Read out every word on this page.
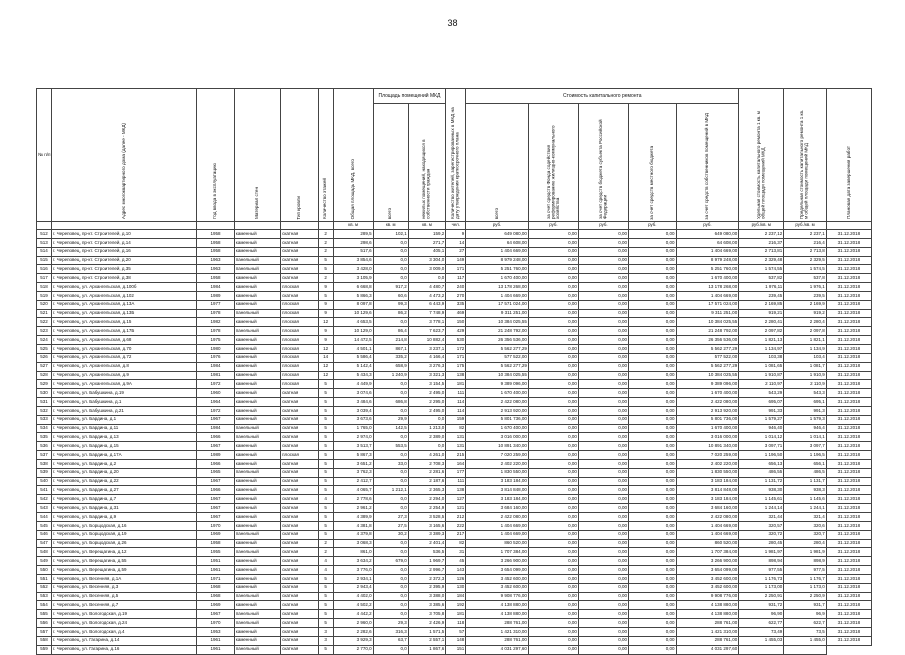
38
№ п/п	Адрес многоквартирного дома (далее - МКД)	Год ввода в эксплуатацию	Материал стен	Тип кровли	Количество этажей	Общая площадь МКД, всего	Площадь помещений МКД		Количество жителей, зарегистрированных в МКД на дату утверждения краткосрочного плана	Стоимость капитального ремонта					Удельная стоимость капитального ремонта 1 кв. м общей площади помещений МКД	Предельная стоимость капитального ремонта 1 кв. м общей площади помещений МКД	Плановая дата завершения работ
							всего	нежилых помещений, находящихся в собственности граждан		всего	за счет средств Фонда содействия реформированию жилищно-коммунального хозяйства	за счет средств бюджета субъекта Российской Федерации	за счет средств местного бюджета	за счет средств собственников помещений в МКД			
						кв. м	кв. м	кв. м	чел.	руб.	руб.	руб.	руб.	руб.	руб./кв. м	руб./кв. м	
512	г. Череповец, пр-кт. Строителей, д.10	1958	каменный	скатная	2	289,5	102,1	159,2	9	649 080,00	0,00	0,00	0,00	649 080,00	2 237,12	2 237,1	31.12.2018
513	г. Череповец, пр-кт. Строителей, д.14	1958	каменный	скатная	2	298,6	0,0	271,7	14	64 608,00	0,00	0,00	0,00	64 608,00	216,37	216,4	31.12.2018
514	г. Череповец, пр-кт. Строителей, д.16	1958	каменный	скатная	2	517,6	0,0	405,1	27	1 404 669,00	0,00	0,00	0,00	1 404 669,00	2 713,81	2 713,8	31.12.2018
515	г. Череповец, пр-кт. Строителей, д.20	1963	панельный	скатная	5	3 854,6	0,0	3 304,0	149	8 979 248,00	0,00	0,00	0,00	8 979 248,00	2 329,48	2 329,5	31.12.2018
516	г. Череповец, пр-кт. Строителей, д.35	1963	панельный	скатная	5	3 428,0	0,0	3 009,0	171	5 251 760,00	0,00	0,00	0,00	5 251 760,00	1 574,55	1 574,5	31.12.2018
517	г. Череповец, пр-кт. Строителей, д.38	1958	каменный	скатная	2	3 105,9	0,0	0,0	117	1 670 400,00	0,00	0,00	0,00	1 670 400,00	537,82	537,8	31.12.2018
518	г. Череповец, ул. Архангельская, д.100б	1984	каменный	плоская	9	6 668,8	917,2	4 480,7	240	13 178 268,00	0,00	0,00	0,00	13 178 268,00	1 976,11	1 976,1	31.12.2018
519	г. Череповец, ул. Архангельская, д.102	1989	каменный	скатная	5	5 866,3	60,6	4 473,2	270	1 404 669,00	0,00	0,00	0,00	1 404 669,00	239,45	239,5	31.12.2018
520	г. Череповец, ул. Архангельская, д.13А	1977	каменный	плоская	9	8 097,8	99,3	6 443,9	335	17 571 024,00	0,00	0,00	0,00	17 571 024,00	2 169,85	2 169,9	31.12.2018
521	г. Череповец, ул. Архангельская, д.13Б	1978	панельный	плоская	9	10 129,6	86,2	7 748,9	469	9 311 251,00	0,00	0,00	0,00	9 311 251,00	919,21	919,2	31.12.2018
522	г. Череповец, ул. Архангельская, д.15	1982	каменный	плоская	12	4 653,5	0,0	3 778,1	150	10 384 025,55	0,00	0,00	0,00	10 384 025,55	2 280,41	2 280,4	31.12.2018
523	г. Череповец, ул. Архангельская, д.17Б	1978	панельный	плоская	9	10 129,0	86,4	7 623,7	429	21 248 792,00	0,00	0,00	0,00	21 248 792,00	2 097,82	2 097,8	31.12.2018
524	г. Череповец, ул. Архангельская, д.68	1975	каменный	плоская	9	14 472,5	214,8	10 882,4	530	26 356 536,00	0,00	0,00	0,00	26 356 536,00	1 821,13	1 821,1	31.12.2018
525	г. Череповец, ул. Архангельская, д.70	1980	каменный	плоская	12	4 501,1	867,1	3 237,1	172	5 562 277,29	0,00	0,00	0,00	5 562 277,29	1 134,97	1 134,9	31.12.2018
526	г. Череповец, ул. Архангельская, д.72	1976	каменный	плоская	14	5 586,4	335,2	4 166,4	171	577 522,00	0,00	0,00	0,00	577 522,00	103,38	103,4	31.12.2018
527	г. Череповец, ул. Архангельская, д.8	1984	каменный	плоская	12	5 142,4	658,9	3 276,3	175	5 562 277,29	0,00	0,00	0,00	5 562 277,29	1 081,65	1 081,7	31.12.2018
528	г. Череповец, ул. Архангельская, д.9	1981	каменный	плоская	12	5 434,3	1 240,9	3 321,3	138	10 384 025,55	0,00	0,00	0,00	10 384 025,55	1 910,87	1 910,9	31.12.2018
529	г. Череповец, ул. Архангельская, д.9А	1972	каменный	плоская	5	4 449,9	0,0	3 154,5	181	9 389 096,00	0,00	0,00	0,00	9 389 096,00	2 110,97	2 110,9	31.12.2018
530	г. Череповец, ул. Бабушкина, д.19	1960	каменный	скатная	5	3 074,6	0,0	2 495,0	111	1 670 400,00	0,00	0,00	0,00	1 670 400,00	543,29	543,3	31.12.2018
531	г. Череповец, ул. Бабушкина, д.1	1964	каменный	скатная	5	3 484,6	686,8	2 295,0	114	2 422 080,00	0,00	0,00	0,00	2 422 080,00	695,07	695,1	31.12.2018
532	г. Череповец, ул. Бабушкина, д.21	1972	каменный	скатная	5	3 039,4	0,0	2 495,0	114	2 913 920,00	0,00	0,00	0,00	2 913 920,00	991,33	991,3	31.12.2018
533	г. Череповец, ул. Бардина, д.1	1967	каменный	скатная	5	3 673,6	29,9	0,0	159	5 801 736,00	0,00	0,00	0,00	5 801 736,00	1 579,27	1 579,3	31.12.2018
534	г. Череповец, ул. Бардина, д.11	1984	панельный	скатная	5	1 765,0	142,5	1 213,0	82	1 670 400,00	0,00	0,00	0,00	1 670 400,00	946,40	946,4	31.12.2018
535	г. Череповец, ул. Бардина, д.13	1966	панельный	скатная	5	2 974,0	0,0	2 389,0	131	3 016 000,00	0,00	0,00	0,00	3 016 000,00	1 014,12	1 014,1	31.12.2018
536	г. Череповец, ул. Бардина, д.15	1967	каменный	скатная	5	3 513,7	553,5	0,0	131	10 891 340,00	0,00	0,00	0,00	10 891 340,00	3 097,71	3 097,7	31.12.2018
537	г. Череповец, ул. Бардина, д.17А	1989	каменный	плоская	5	5 867,3	0,0	4 261,0	215	7 020 259,00	0,00	0,00	0,00	7 020 259,00	1 196,50	1 196,5	31.12.2018
538	г. Череповец, ул. Бардина, д.2	1966	каменный	скатная	5	3 651,2	33,0	2 708,3	164	2 402 220,00	0,00	0,00	0,00	2 402 220,00	656,13	656,1	31.12.2018
539	г. Череповец, ул. Бардина, д.20	1965	панельный	скатная	5	3 762,3	0,0	2 281,6	177	1 830 550,00	0,00	0,00	0,00	1 830 550,00	486,55	486,5	31.12.2018
540	г. Череповец, ул. Бардина, д.22	1967	каменный	скатная	5	2 412,7	0,0	2 187,6	111	3 183 184,00	0,00	0,00	0,00	3 183 184,00	1 131,72	1 131,7	31.12.2018
541	г. Череповец, ул. Бардина, д.27	1966	каменный	скатная	5	4 065,7	1 212,1	2 365,3	138	3 814 848,00	0,00	0,00	0,00	3 814 848,00	938,30	938,3	31.12.2018
542	г. Череповец, ул. Бардина, д.7	1967	каменный	скатная	4	2 778,6	0,0	2 294,0	127	3 183 184,00	0,00	0,00	0,00	3 183 184,00	1 145,61	1 145,6	31.12.2018
543	г. Череповец, ул. Бардина, д.31	1967	каменный	скатная	5	2 961,2	0,0	2 254,9	121	3 684 160,00	0,00	0,00	0,00	3 684 160,00	1 244,14	1 244,1	31.12.2018
544	г. Череповец, ул. Бардина, д.9	1967	каменный	скатная	5	4 389,9	27,3	3 528,5	212	2 422 080,00	0,00	0,00	0,00	2 422 080,00	321,44	321,4	31.12.2018
545	г. Череповец, ул. Борщодская, д.16	1970	каменный	скатная	5	4 381,8	27,5	3 165,6	222	1 404 669,00	0,00	0,00	0,00	1 404 669,00	320,57	320,6	31.12.2018
546	г. Череповец, ул. Борщодская, д.19	1969	панельный	скатная	5	4 379,8	30,2	3 389,3	217	1 404 669,00	0,00	0,00	0,00	1 404 669,00	320,72	320,7	31.12.2018
547	г. Череповец, ул. Борщодская, д.26	1958	каменный	скатная	2	3 068,3	0,0	2 401,4	82	860 520,00	0,00	0,00	0,00	860 520,00	280,45	280,4	31.12.2018
548	г. Череповец, ул. Верещагина, д.12	1955	панельный	скатная	2	861,0	0,0	536,5	31	1 707 384,00	0,00	0,00	0,00	1 707 384,00	1 981,97	1 981,9	31.12.2018
549	г. Череповец, ул. Верещагина, д.55	1951	каменный	скатная	4	3 634,2	679,0	1 969,7	45	3 266 900,00	0,00	0,00	0,00	3 266 900,00	898,94	898,9	31.12.2018
550	г. Череповец, ул. Верещагина, д.59	1961	каменный	скатная	4	3 776,0	0,0	2 996,7	143	3 654 099,00	0,00	0,00	0,00	3 654 099,00	977,55	977,5	31.12.2018
551	г. Череповец, ул. Весенняя, д.1А	1971	каменный	скатная	5	2 934,1	0,0	2 372,3	126	3 452 600,00	0,00	0,00	0,00	3 452 600,00	1 176,73	1 176,7	31.12.2018
552	г. Череповец, ул. Весенняя, д.3	1968	каменный	скатная	5	2 943,4	0,0	2 395,9	130	3 452 600,00	0,00	0,00	0,00	3 452 600,00	1 173,00	1 173,0	31.12.2018
553	г. Череповец, ул. Весенняя, д.5	1968	панельный	скатная	5	4 402,0	0,0	3 388,0	184	9 908 776,00	0,00	0,00	0,00	9 908 776,00	2 250,91	2 250,9	31.12.2018
554	г. Череповец, ул. Весенняя, д.7	1969	каменный	скатная	5	4 502,2	0,0	3 385,6	192	4 138 880,00	0,00	0,00	0,00	4 138 880,00	931,72	931,7	31.12.2018
555	г. Череповец, ул. Вологодская, д.19	1967	панельный	скатная	5	4 442,2	0,0	3 705,8	181	4 138 880,00	0,00	0,00	0,00	4 138 880,00	96,90	96,9	31.12.2018
556	г. Череповец, ул. Вологодская, д.24	1970	панельный	скатная	5	2 960,0	29,3	2 426,9	118	288 761,00	0,00	0,00	0,00	288 761,00	622,77	622,7	31.12.2018
557	г. Череповец, ул. Вологодская, д.4	1953	каменный	скатная	3	2 282,6	316,3	1 571,5	57	1 421 310,00	0,00	0,00	0,00	1 421 310,00	73,49	73,5	31.12.2018
558	г. Череповец, ул. Гагарина, д.14	1961	каменный	скатная	3	3 929,3	63,7	2 557,1	148	288 761,00	0,00	0,00	0,00	288 761,00	1 455,03	1 455,0	31.12.2018
559	г. Череповец, ул. Гагарина, д.16	1961	панельный	скатная	5	2 770,0	0,0	1 867,6	151	4 031 297,60	0,00	0,00	0,00	4 031 297,60			
